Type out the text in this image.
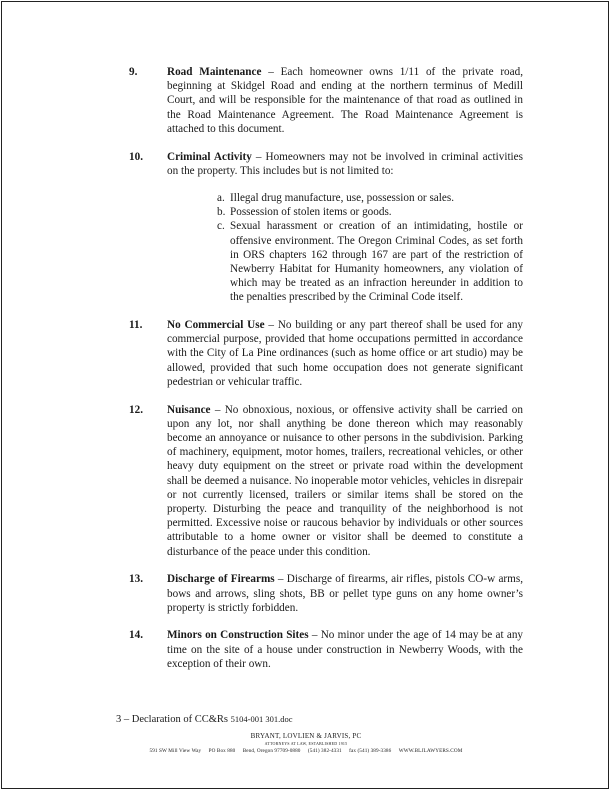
9.	Road Maintenance – Each homeowner owns 1/11 of the private road, beginning at Skidgel Road and ending at the northern terminus of Medill Court, and will be responsible for the maintenance of that road as outlined in the Road Maintenance Agreement. The Road Maintenance Agreement is attached to this document.
10. Criminal Activity – Homeowners may not be involved in criminal activities on the property. This includes but is not limited to:
a. Illegal drug manufacture, use, possession or sales.
b. Possession of stolen items or goods.
c. Sexual harassment or creation of an intimidating, hostile or offensive environment. The Oregon Criminal Codes, as set forth in ORS chapters 162 through 167 are part of the restriction of Newberry Habitat for Humanity homeowners, any violation of which may be treated as an infraction hereunder in addition to the penalties prescribed by the Criminal Code itself.
11. No Commercial Use – No building or any part thereof shall be used for any commercial purpose, provided that home occupations permitted in accordance with the City of La Pine ordinances (such as home office or art studio) may be allowed, provided that such home occupation does not generate significant pedestrian or vehicular traffic.
12. Nuisance – No obnoxious, noxious, or offensive activity shall be carried on upon any lot, nor shall anything be done thereon which may reasonably become an annoyance or nuisance to other persons in the subdivision. Parking of machinery, equipment, motor homes, trailers, recreational vehicles, or other heavy duty equipment on the street or private road within the development shall be deemed a nuisance. No inoperable motor vehicles, vehicles in disrepair or not currently licensed, trailers or similar items shall be stored on the property. Disturbing the peace and tranquility of the neighborhood is not permitted. Excessive noise or raucous behavior by individuals or other sources attributable to a home owner or visitor shall be deemed to constitute a disturbance of the peace under this condition.
13. Discharge of Firearms – Discharge of firearms, air rifles, pistols CO-w arms, bows and arrows, sling shots, BB or pellet type guns on any home owner’s property is strictly forbidden.
14. Minors on Construction Sites – No minor under the age of 14 may be at any time on the site of a house under construction in Newberry Woods, with the exception of their own.
3 – Declaration of CC&Rs 5104-001 301.doc
BRYANT, LOVLIEN & JARVIS, PC
ATTORNEYS AT LAW, ESTABLISHED 1915
591 SW Mill View Way PO Box 880 Bend, Oregon 97709-0880 (541) 382-4331 fax (541) 389-3386 WWW.BLJLAWYERS.COM
